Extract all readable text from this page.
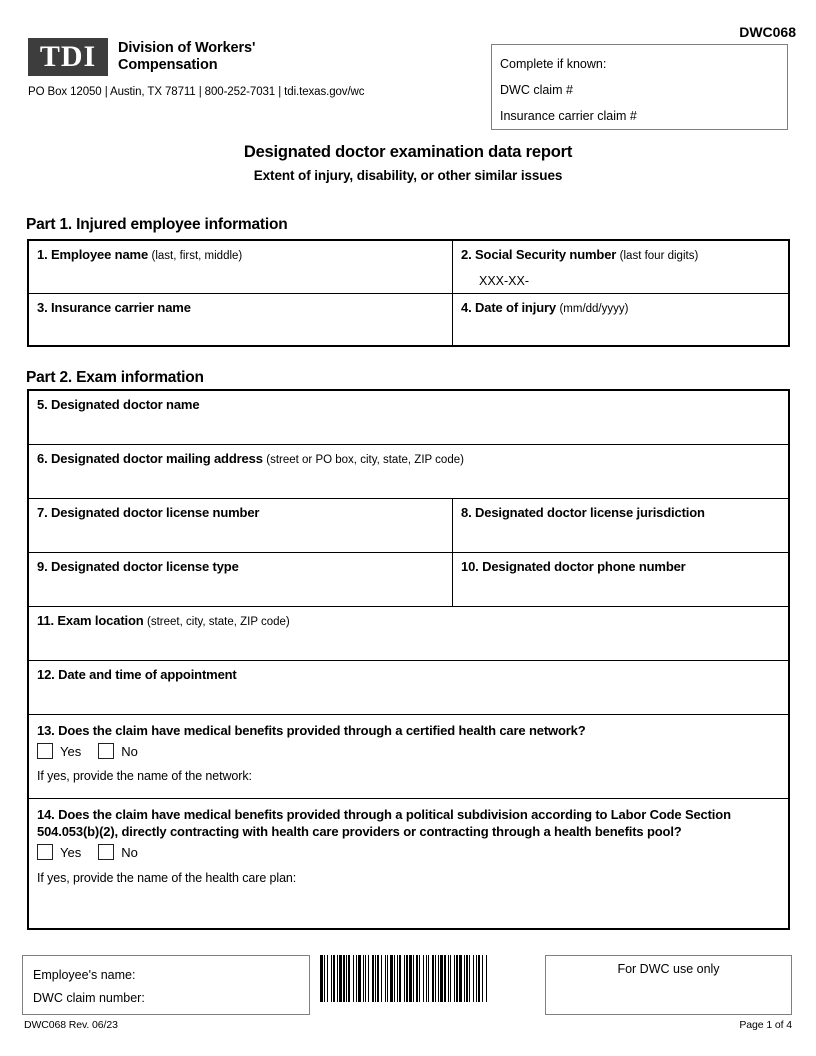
TDI	Division of Workers'
Compensation
PO Box 12050 | Austin, TX 78711 | 800-252-7031 | tdi.texas.gov/wc
DWC068
Complete if known:
DWC claim #
Insurance carrier claim #
Designated doctor examination data report
Extent of injury, disability, or other similar issues
Part 1. Injured employee information
1. Employee name (last, first, middle)	2. Social Security number (last four digits)
XXX-XX-
3. Insurance carrier name	4. Date of injury (mm/dd/yyyy)
Part 2. Exam information
5. Designated doctor name
6. Designated doctor mailing address (street or PO box, city, state, ZIP code)
7. Designated doctor license number	8. Designated doctor license jurisdiction
9. Designated doctor license type	10. Designated doctor phone number
11. Exam location (street, city, state, ZIP code)
12. Date and time of appointment
13. Does the claim have medical benefits provided through a certified health care network?
Yes	No
If yes, provide the name of the network:
14. Does the claim have medical benefits provided through a political subdivision according to Labor Code Section 504.053(b)(2), directly contracting with health care providers or contracting through a health benefits pool?
Yes	No
If yes, provide the name of the health care plan:
Employee's name:
DWC claim number:
For DWC use only
DWC068 Rev. 06/23	Page 1 of 4
